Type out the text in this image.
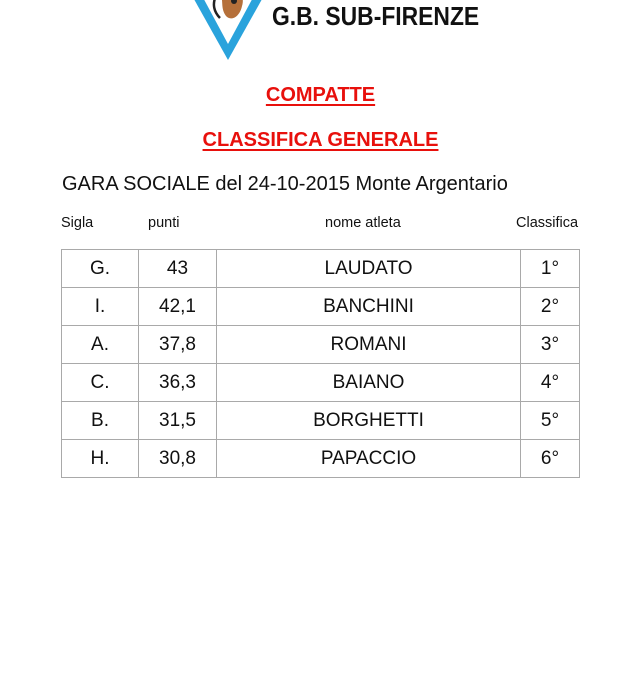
G.B. SUB-FIRENZE
COMPATTE
CLASSIFICA GENERALE
GARA SOCIALE del 24-10-2015 Monte Argentario
Sigla	punti	nome atleta	Classifica
G.	43	LAUDATO	1°
I.	42,1	BANCHINI	2°
A.	37,8	ROMANI	3°
C.	36,3	BAIANO	4°
B.	31,5	BORGHETTI	5°
H.	30,8	PAPACCIO	6°
